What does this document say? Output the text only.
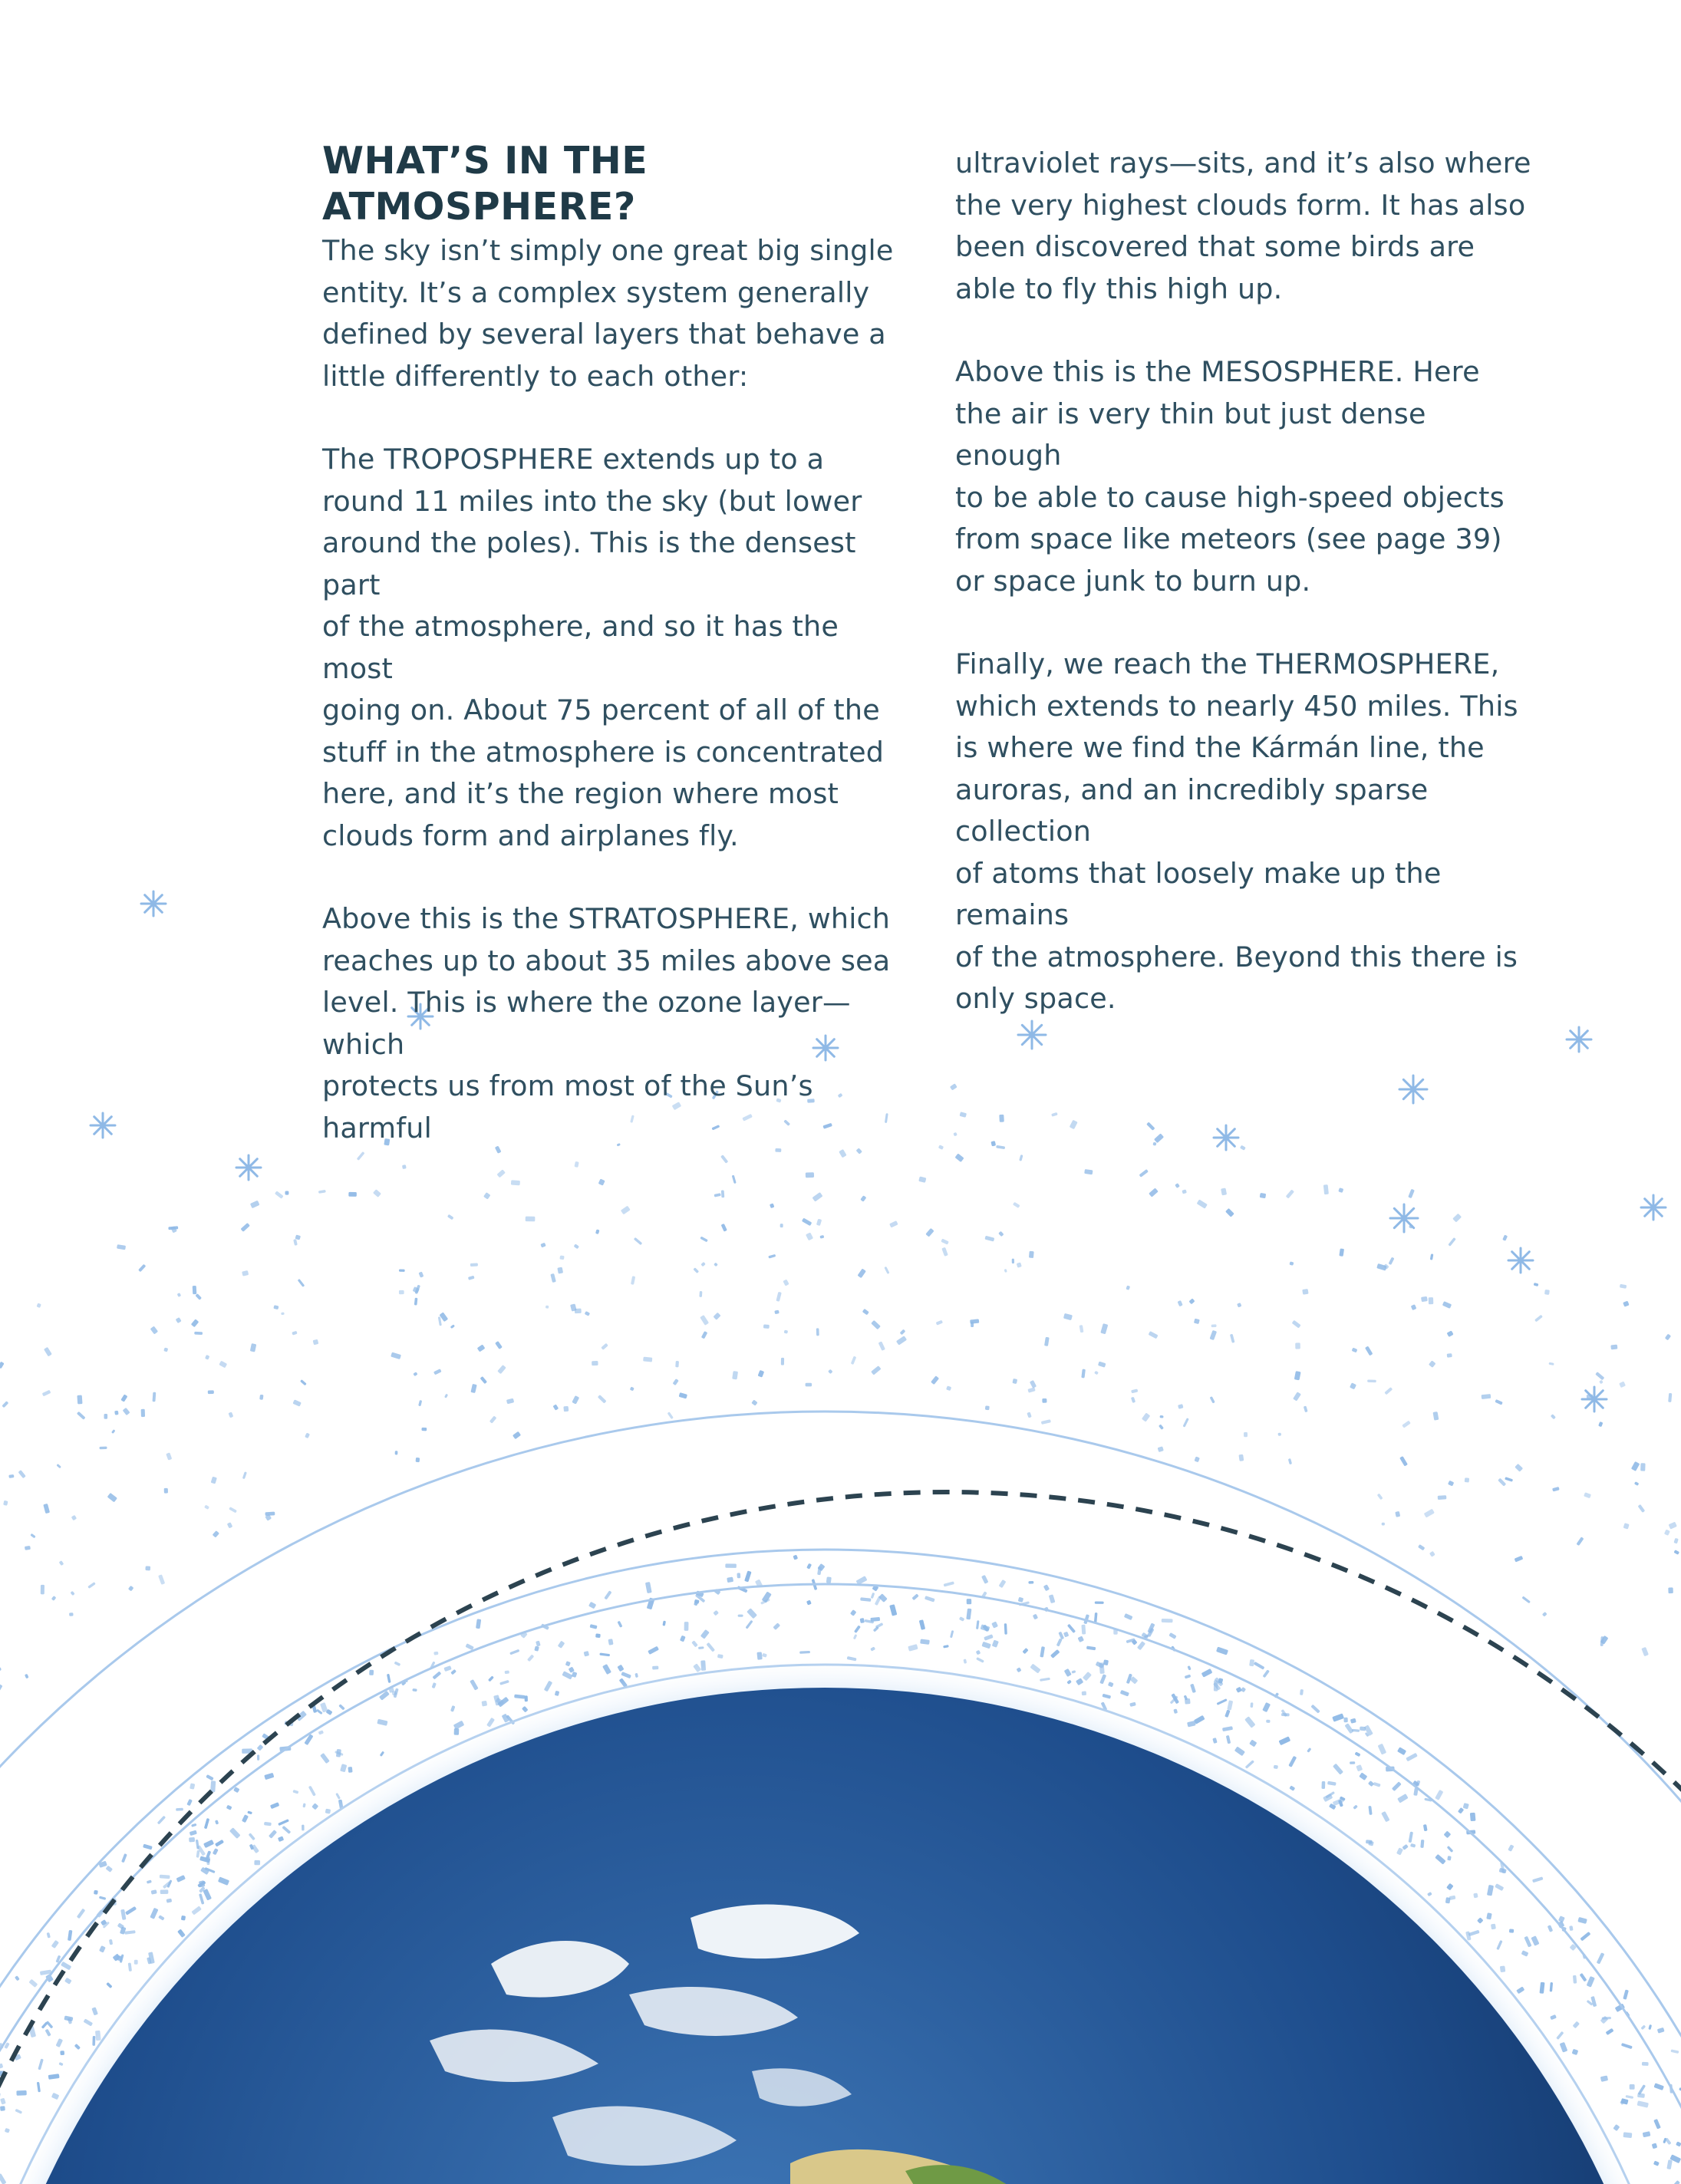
WHAT’S IN THE ATMOSPHERE?

The sky isn’t simply one great big single
entity. It’s a complex system generally
defined by several layers that behave a
little differently to each other:

The TROPOSPHERE extends up to a
round 11 miles into the sky (but lower
around the poles). This is the densest part
of the atmosphere, and so it has the most
going on. About 75 percent of all of the
stuff in the atmosphere is concentrated
here, and it’s the region where most
clouds form and airplanes fly.

Above this is the STRATOSPHERE, which
reaches up to about 35 miles above sea
level. This is where the ozone layer—which
protects us from most of the Sun’s harmful

ultraviolet rays—sits, and it’s also where
the very highest clouds form. It has also
been discovered that some birds are
able to fly this high up.

Above this is the MESOSPHERE. Here
the air is very thin but just dense enough
to be able to cause high-speed objects
from space like meteors (see page 39)
or space junk to burn up.

Finally, we reach the THERMOSPHERE,
which extends to nearly 450 miles. This
is where we find the Kármán line, the
auroras, and an incredibly sparse collection
of atoms that loosely make up the remains
of the atmosphere. Beyond this there is
only space.
